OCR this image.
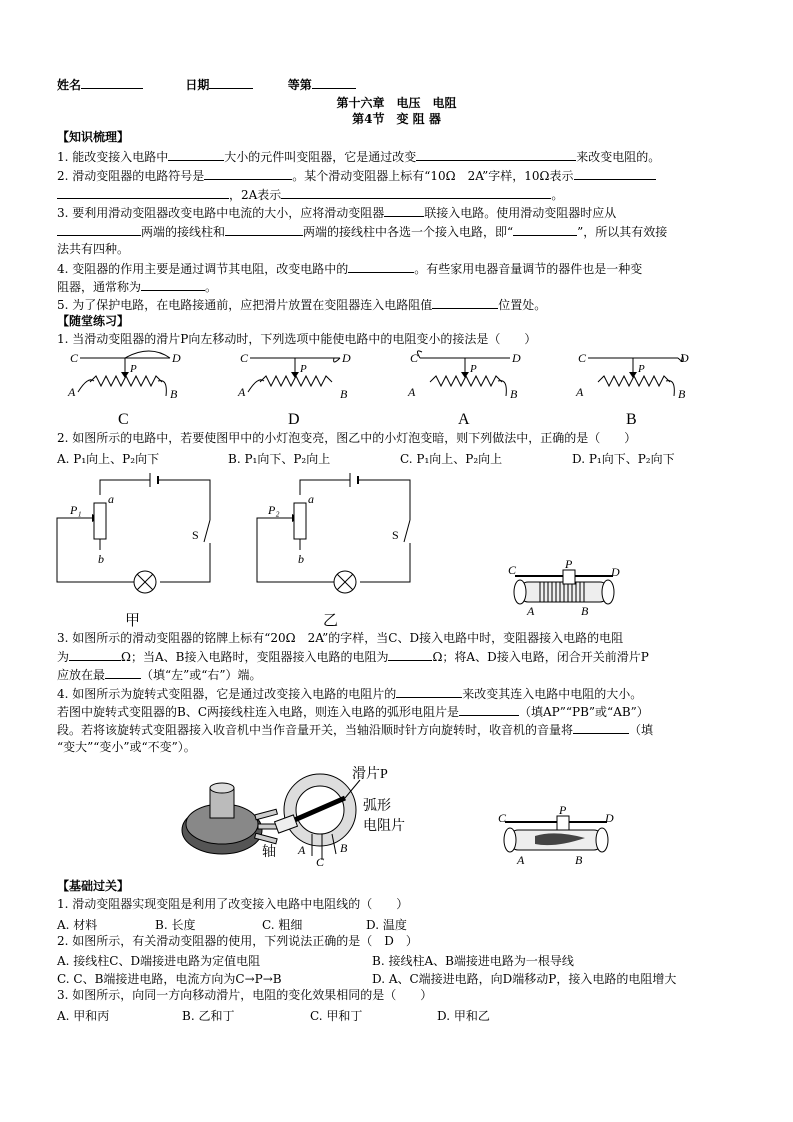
姓名	日期	等第
第十六章　电压　电阻
第4节　变 阻 器
【知识梳理】
1. 能改变接入电路中	大小的元件叫变阻器，它是通过改变	来改变电阻的。
2. 滑动变阻器的电路符号是	。某个滑动变阻器上标有“10Ω　2A”字样，10Ω表示
，2A表示	。
3. 要利用滑动变阻器改变电路中电流的大小，应将滑动变阻器	联接入电路。使用滑动变阻器时应从
两端的接线柱和	两端的接线柱中各选一个接入电路，即“	”，所以其有效接
法共有四种。
4. 变阻器的作用主要是通过调节其电阻，改变电路中的	。有些家用电器音量调节的器件也是一种变
阻器，通常称为	。
5. 为了保护电路，在电路接通前，应把滑片放置在变阻器连入电路阻值	位置处。
【随堂练习】
1. 当滑动变阻器的滑片P向左移动时，下列选项中能使电路中的电阻变小的接法是（　　）
C	D
P
A	B
C
C	D
P
A	B
D
C	D
P
A	B
A
C	D
P
A	B
B
2. 如图所示的电路中，若要使图甲中的小灯泡变亮，图乙中的小灯泡变暗，则下列做法中，正确的是（　　）
A. P₁向上、P₂向下	B. P₁向下、P₂向上	C. P₁向上、P₂向上	D. P₁向下、P₂向下
P₁
a
b
S
甲
P₂
a
b
S
乙
C	P
D
A	B
3. 如图所示的滑动变阻器的铭牌上标有“20Ω　2A”的字样，当C、D接入电路中时，变阻器接入电路的电阻
为	Ω；当A、B接入电路时，变阻器接入电路的电阻为	Ω；将A、D接入电路，闭合开关前滑片P
应放在最	（填“左”或“右”）端。
4. 如图所示为旋转式变阻器，它是通过改变接入电路的电阻片的	来改变其连入电路中电阻的大小。
若图中旋转式变阻器的B、C两接线柱连入电路，则连入电路的弧形电阻片是	（填AP”“PB”或“AB”）
段。若将该旋转式变阻器接入收音机中当作音量开关，当轴沿顺时针方向旋转时，收音机的音量将	（填
“变大”“变小”或“不变”）。
滑片P
弧形
电阻片
轴 A
C
B
C
P
D
A	B
【基础过关】
1. 滑动变阻器实现变阻是利用了改变接入电路中电阻线的（　　）
A. 材料	B. 长度	C. 粗细	D. 温度
2. 如图所示，有关滑动变阻器的使用，下列说法正确的是（　D　）
A. 接线柱C、D端接进电路为定值电阻	B. 接线柱A、B端接进电路为一根导线
C. C、B端接进电路，电流方向为C→P→B	D. A、C端接进电路，向D端移动P，接入电路的电阻增大
3. 如图所示，向同一方向移动滑片，电阻的变化效果相同的是（　　）
A. 甲和丙	B. 乙和丁	C. 甲和丁	D. 甲和乙
